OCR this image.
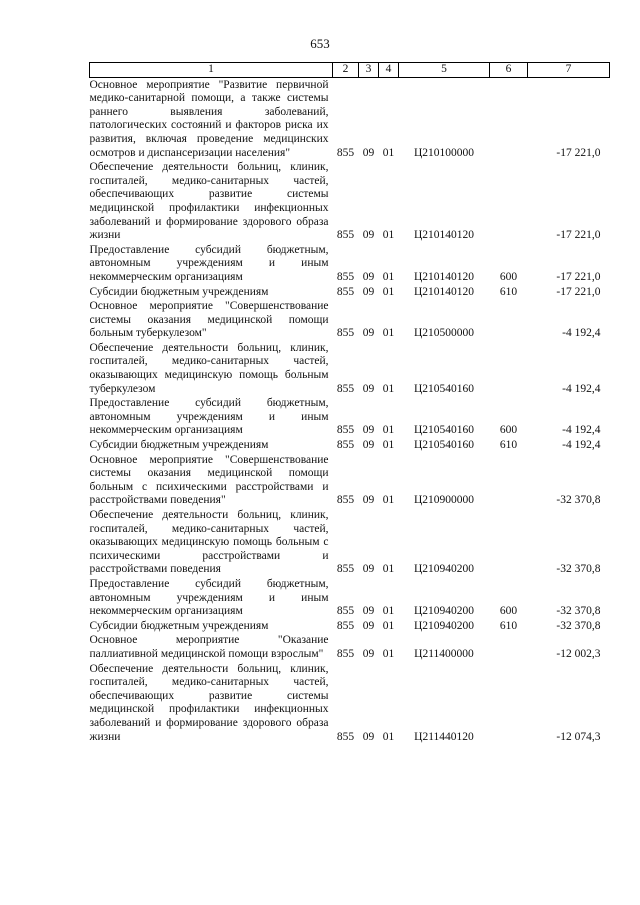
653
1	2	3	4	5	6	7
Основное мероприятие "Развитие первичной медико-санитарной помощи, а также системы раннего выявления заболеваний, патологических состояний и факторов риска их развития, включая проведение медицинских осмотров и диспансеризации населения"	855	09	01	Ц210100000		-17 221,0
Обеспечение деятельности больниц, клиник, госпиталей, медико-санитарных частей, обеспечивающих развитие системы медицинской профилактики инфекционных заболеваний и формирование здорового образа жизни	855	09	01	Ц210140120		-17 221,0
Предоставление субсидий бюджетным, автономным учреждениям и иным некоммерческим организациям	855	09	01	Ц210140120	600	-17 221,0
Субсидии бюджетным учреждениям	855	09	01	Ц210140120	610	-17 221,0
Основное мероприятие "Совершенствование системы оказания медицинской помощи больным туберкулезом"	855	09	01	Ц210500000		-4 192,4
Обеспечение деятельности больниц, клиник, госпиталей, медико-санитарных частей, оказывающих медицинскую помощь больным туберкулезом	855	09	01	Ц210540160		-4 192,4
Предоставление субсидий бюджетным, автономным учреждениям и иным некоммерческим организациям	855	09	01	Ц210540160	600	-4 192,4
Субсидии бюджетным учреждениям	855	09	01	Ц210540160	610	-4 192,4
Основное мероприятие "Совершенствование системы оказания медицинской помощи больным с психическими расстройствами и расстройствами поведения"	855	09	01	Ц210900000		-32 370,8
Обеспечение деятельности больниц, клиник, госпиталей, медико-санитарных частей, оказывающих медицинскую помощь больным с психическими расстройствами и расстройствами поведения	855	09	01	Ц210940200		-32 370,8
Предоставление субсидий бюджетным, автономным учреждениям и иным некоммерческим организациям	855	09	01	Ц210940200	600	-32 370,8
Субсидии бюджетным учреждениям	855	09	01	Ц210940200	610	-32 370,8
Основное мероприятие "Оказание паллиативной медицинской помощи взрослым"	855	09	01	Ц211400000		-12 002,3
Обеспечение деятельности больниц, клиник, госпиталей, медико-санитарных частей, обеспечивающих развитие системы медицинской профилактики инфекционных заболеваний и формирование здорового образа жизни	855	09	01	Ц211440120		-12 074,3
